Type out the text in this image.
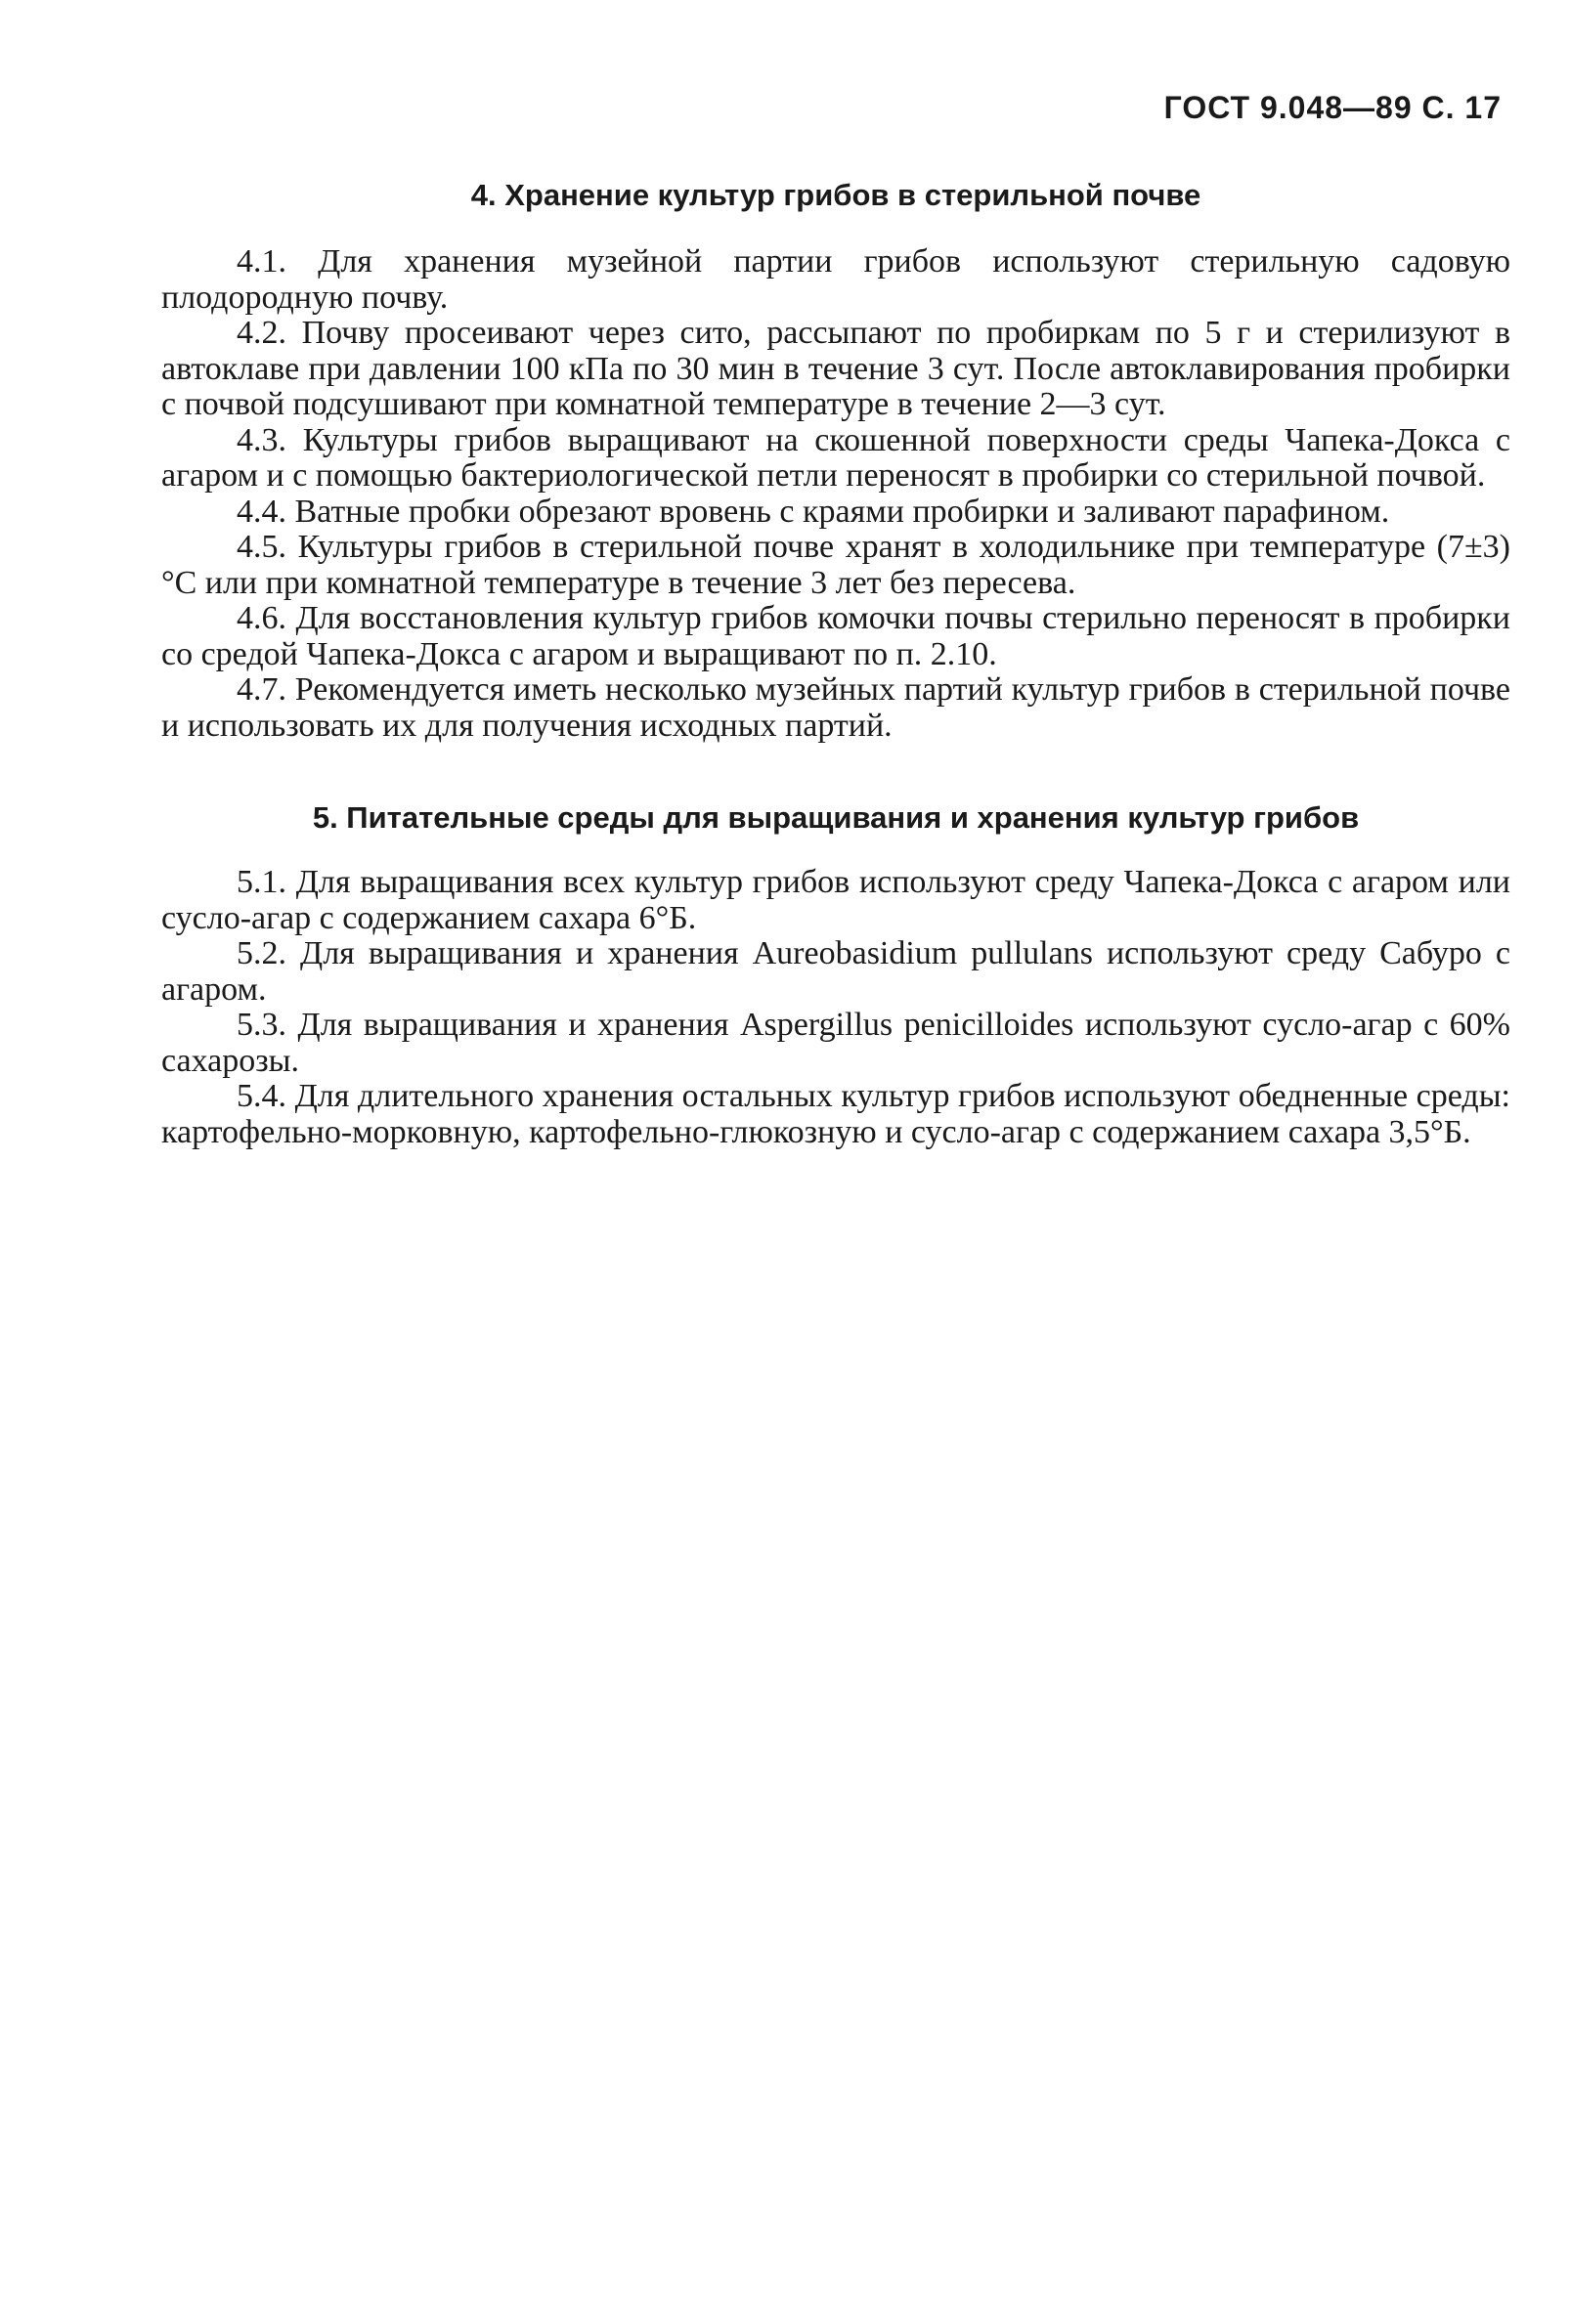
ГОСТ 9.048—89 С. 17
4. Хранение культур грибов в стерильной почве

4.1. Для хранения музейной партии грибов используют стерильную садовую плодородную почву.

4.2. Почву просеивают через сито, рассыпают по пробиркам по 5 г и стерилизуют в автоклаве при давлении 100 кПа по 30 мин в течение 3 сут. После автоклавирования пробирки с почвой подсушивают при комнатной температуре в течение 2—3 сут.

4.3. Культуры грибов выращивают на скошенной поверхности среды Чапека-Докса с агаром и с помощью бактериологической петли переносят в пробирки со стерильной почвой.

4.4. Ватные пробки обрезают вровень с краями пробирки и заливают парафином.

4.5. Культуры грибов в стерильной почве хранят в холодильнике при температуре (7±3)°С или при комнатной температуре в течение 3 лет без пересева.

4.6. Для восстановления культур грибов комочки почвы стерильно переносят в пробирки со средой Чапека-Докса с агаром и выращивают по п. 2.10.

4.7. Рекомендуется иметь несколько музейных партий культур грибов в стерильной почве и использовать их для получения исходных партий.

5. Питательные среды для выращивания и хранения культур грибов

5.1. Для выращивания всех культур грибов используют среду Чапека-Докса с агаром или сусло-агар с содержанием сахара 6°Б.

5.2. Для выращивания и хранения Aureobasidium pullulans используют среду Сабуро с агаром.

5.3. Для выращивания и хранения Aspergillus penicilloides используют сусло-агар с 60% сахарозы.

5.4. Для длительного хранения остальных культур грибов используют обедненные среды: картофельно-морковную, картофельно-глюкозную и сусло-агар с содержанием сахара 3,5°Б.
